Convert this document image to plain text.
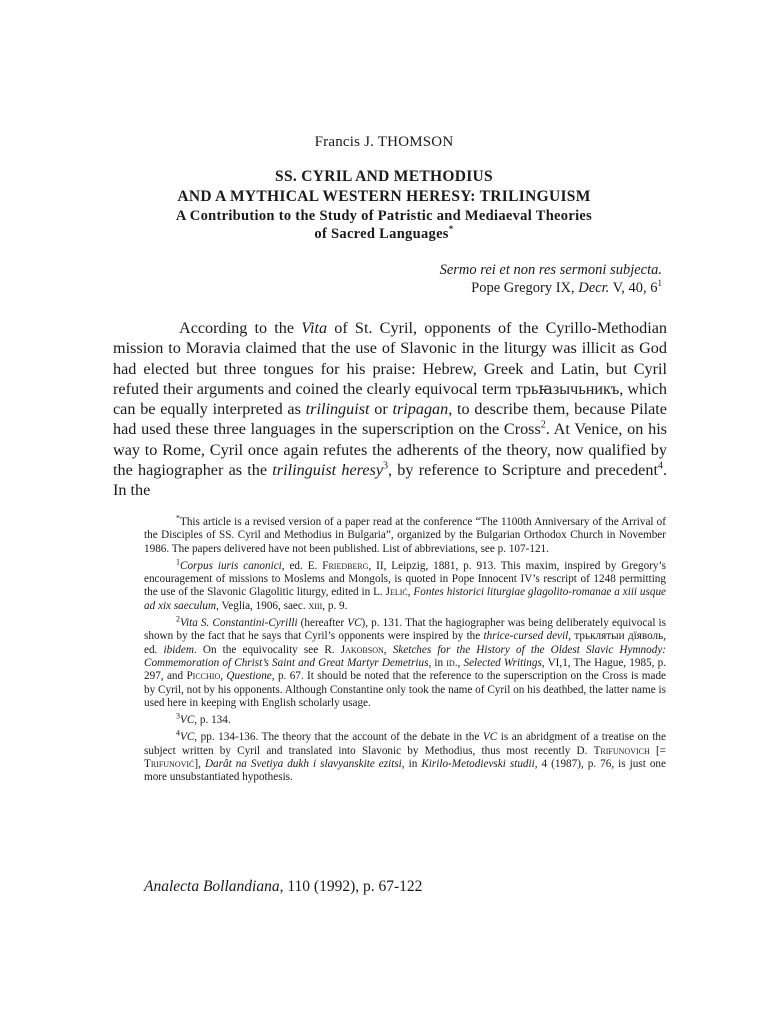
Francis J. THOMSON
SS. CYRIL AND METHODIUS
AND A MYTHICAL WESTERN HERESY: TRILINGUISM
A Contribution to the Study of Patristic and Mediaeval Theories
of Sacred Languages*
Sermo rei et non res sermoni subjecta.
Pope Gregory IX, Decr. V, 40, $6^1$

According to the Vita of St. Cyril, opponents of the Cyrillo-Methodian mission to Moravia claimed that the use of Slavonic in the liturgy was illicit as God had elected but three tongues for his praise: Hebrew, Greek and Latin, but Cyril refuted their arguments and coined the clearly equivocal term трьꙗзычьникъ, which can be equally interpreted as trilinguist or tripagan, to describe them, because Pilate had used these three languages in the superscription on the Cross$^2$. At Venice, on his way to Rome, Cyril once again refutes the adherents of the theory, now qualified by the hagiographer as the trilinguist heresy$^3$, by reference to Scripture and precedent$^4$. In the

*This article is a revised version of a paper read at the conference “The 1100th Anniversary of the Arrival of the Disciples of SS. Cyril and Methodius in Bulgaria”, organized by the Bulgarian Orthodox Church in November 1986. The papers delivered have not been published. List of abbreviations, see p. 107-121.

$^1$Corpus iuris canonici, ed. E. Friedberg, II, Leipzig, 1881, p. 913. This maxim, inspired by Gregory’s encouragement of missions to Moslems and Mongols, is quoted in Pope Innocent IV’s rescript of 1248 permitting the use of the Slavonic Glagolitic liturgy, edited in L. Jelić, Fontes historici liturgiae glagolito-romanae a xiii usque ad xix saeculum, Veglia, 1906, saec. xiii, p. 9.

$^2$Vita S. Constantini-Cyrilli (hereafter VC), p. 131. That the hagiographer was being deliberately equivocal is shown by the fact that he says that Cyril’s opponents were inspired by the thrice-cursed devil, трьклятыи дїяволь, ed. ibidem. On the equivocality see R. Jakobson, Sketches for the History of the Oldest Slavic Hymnody: Commemoration of Christ’s Saint and Great Martyr Demetrius, in id., Selected Writings, VI,1, The Hague, 1985, p. 297, and Picchio, Questione, p. 67. It should be noted that the reference to the superscription on the Cross is made by Cyril, not by his opponents. Although Constantine only took the name of Cyril on his deathbed, the latter name is used here in keeping with English scholarly usage.

$^3$VC, p. 134.

$^4$VC, pp. 134-136. The theory that the account of the debate in the VC is an abridgment of a treatise on the subject written by Cyril and translated into Slavonic by Methodius, thus most recently D. Trifunovich [= Trifunović], Darât na Svetiya dukh i slavyanskite ezitsi, in Kirilo-Metodievski studii, 4 (1987), p. 76, is just one more unsubstantiated hypothesis.

Analecta Bollandiana, 110 (1992), p. 67-122
